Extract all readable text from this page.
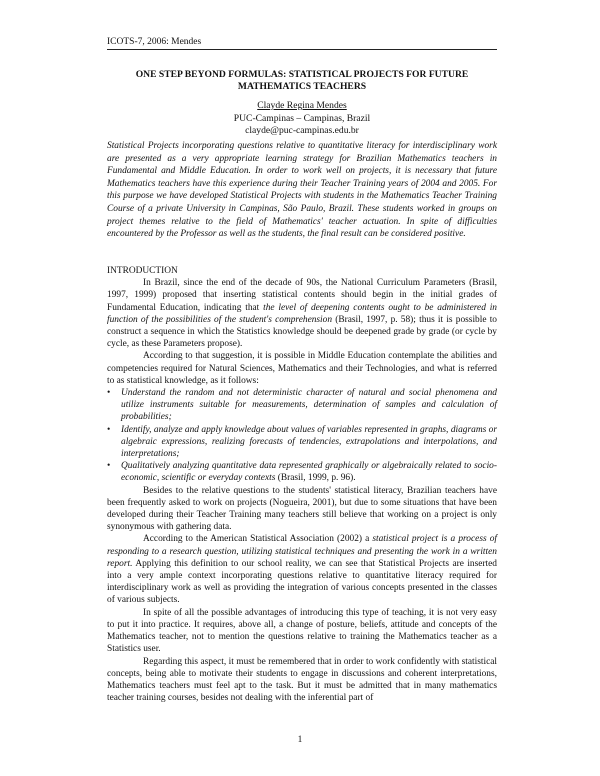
ICOTS-7, 2006: Mendes
ONE STEP BEYOND FORMULAS: STATISTICAL PROJECTS FOR FUTURE
MATHEMATICS TEACHERS
Clayde Regina Mendes
PUC-Campinas – Campinas, Brazil
clayde@puc-campinas.edu.br
Statistical Projects incorporating questions relative to quantitative literacy for interdisciplinary work are presented as a very appropriate learning strategy for Brazilian Mathematics teachers in Fundamental and Middle Education. In order to work well on projects, it is necessary that future Mathematics teachers have this experience during their Teacher Training years of 2004 and 2005. For this purpose we have developed Statistical Projects with students in the Mathematics Teacher Training Course of a private University in Campinas, São Paulo, Brazil. These students worked in groups on project themes relative to the field of Mathematics' teacher actuation. In spite of difficulties encountered by the Professor as well as the students, the final result can be considered positive.
INTRODUCTION

In Brazil, since the end of the decade of 90s, the National Curriculum Parameters (Brasil, 1997, 1999) proposed that inserting statistical contents should begin in the initial grades of Fundamental Education, indicating that the level of deepening contents ought to be administered in function of the possibilities of the student's comprehension (Brasil, 1997, p. 58); thus it is possible to construct a sequence in which the Statistics knowledge should be deepened grade by grade (or cycle by cycle, as these Parameters propose).

According to that suggestion, it is possible in Middle Education contemplate the abilities and competencies required for Natural Sciences, Mathematics and their Technologies, and what is referred to as statistical knowledge, as it follows:

• Understand the random and not deterministic character of natural and social phenomena and utilize instruments suitable for measurements, determination of samples and calculation of probabilities;
• Identify, analyze and apply knowledge about values of variables represented in graphs, diagrams or algebraic expressions, realizing forecasts of tendencies, extrapolations and interpolations, and interpretations;
• Qualitatively analyzing quantitative data represented graphically or algebraically related to socio-economic, scientific or everyday contexts (Brasil, 1999, p. 96).

Besides to the relative questions to the students' statistical literacy, Brazilian teachers have been frequently asked to work on projects (Nogueira, 2001), but due to some situations that have been developed during their Teacher Training many teachers still believe that working on a project is only synonymous with gathering data.

According to the American Statistical Association (2002) a statistical project is a process of responding to a research question, utilizing statistical techniques and presenting the work in a written report. Applying this definition to our school reality, we can see that Statistical Projects are inserted into a very ample context incorporating questions relative to quantitative literacy required for interdisciplinary work as well as providing the integration of various concepts presented in the classes of various subjects.

In spite of all the possible advantages of introducing this type of teaching, it is not very easy to put it into practice. It requires, above all, a change of posture, beliefs, attitude and concepts of the Mathematics teacher, not to mention the questions relative to training the Mathematics teacher as a Statistics user.

Regarding this aspect, it must be remembered that in order to work confidently with statistical concepts, being able to motivate their students to engage in discussions and coherent interpretations, Mathematics teachers must feel apt to the task. But it must be admitted that in many mathematics teacher training courses, besides not dealing with the inferential part of

1
